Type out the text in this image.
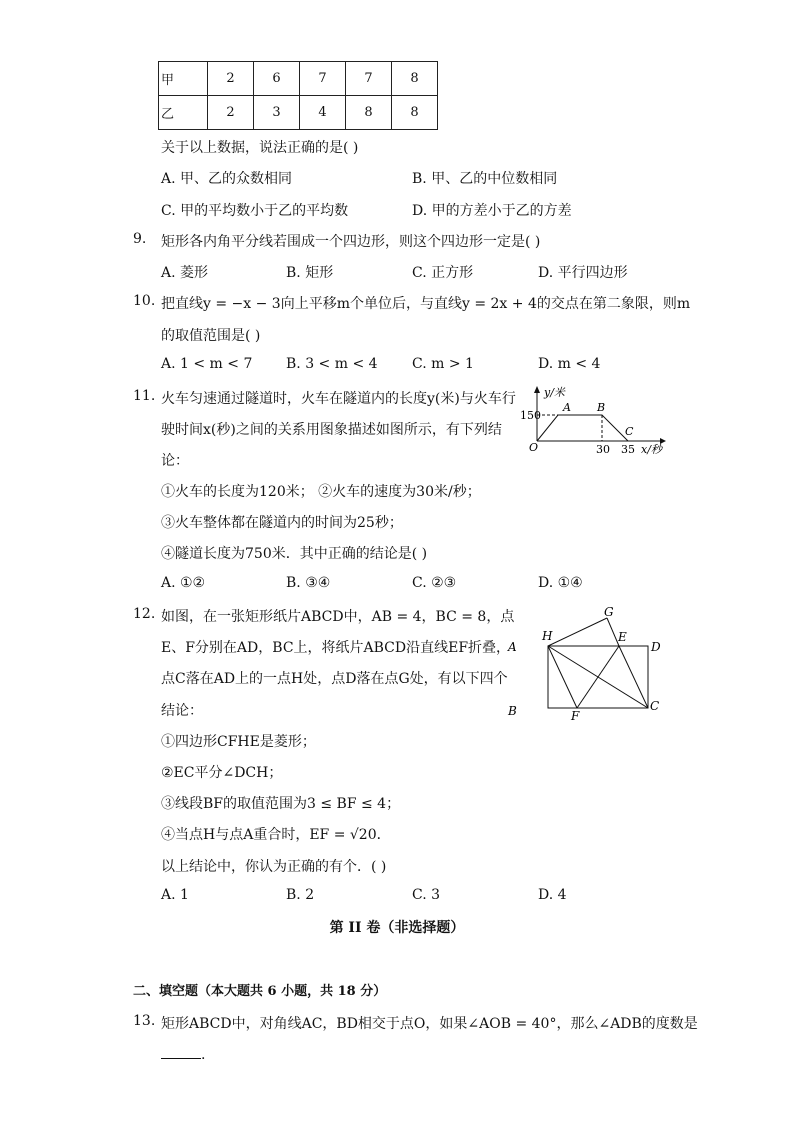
甲	2	6	7	7	8
乙	2	3	4	8	8
关于以上数据，说法正确的是( )
A. 甲、乙的众数相同	B. 甲、乙的中位数相同
C. 甲的平均数小于乙的平均数	D. 甲的方差小于乙的方差
9. 矩形各内角平分线若围成一个四边形，则这个四边形一定是( )
A. 菱形	B. 矩形	C. 正方形	D. 平行四边形
10. 把直线y = −x − 3向上平移m个单位后，与直线y = 2x + 4的交点在第二象限，则m
的取值范围是( )
A. 1 < m < 7 B. 3 < m < 4 C. m > 1	D. m < 4
11. 火车匀速通过隧道时，火车在隧道内的长度y(米)与火车行
驶时间x(秒)之间的关系用图象描述如图所示，有下列结
论：
①火车的长度为120米； ②火车的速度为30米/秒；
③火车整体都在隧道内的时间为25秒；
④隧道长度为750米．其中正确的结论是( )
A. ①②	B. ③④	C. ②③	D. ①④
y/米
150
O
A B
C
30 35 x/秒
12. 如图，在一张矩形纸片ABCD中，AB = 4，BC = 8，点
E、F分别在AD，BC上，将纸片ABCD沿直线EF折叠，
点C落在AD上的一点H处，点D落在点G处，有以下四个
结论：
①四边形CFHE是菱形；
②EC平分∠DCH；
③线段BF的取值范围为3 ≤ BF ≤ 4；
④当点H与点A重合时，EF = √20．
以上结论中，你认为正确的有个．( )
A. 1	B. 2	C. 3	D. 4
A
B	C
D
E
F
G
H
第 II 卷（非选择题）
二、填空题（本大题共 6 小题，共 18 分）
13. 矩形ABCD中，对角线AC，BD相交于点O，如果∠AOB = 40°，那么∠ADB的度数是
.
